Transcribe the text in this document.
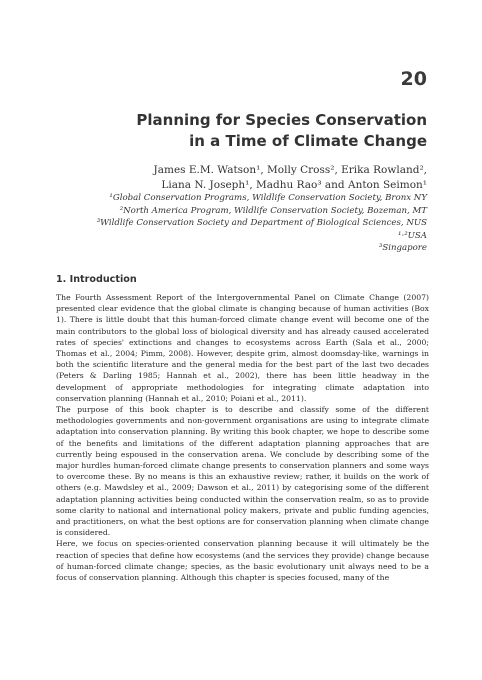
20
Planning for Species Conservation
in a Time of Climate Change
James E.M. Watson¹, Molly Cross², Erika Rowland²,
Liana N. Joseph¹, Madhu Rao³ and Anton Seimon¹
¹Global Conservation Programs, Wildlife Conservation Society, Bronx NY
²North America Program, Wildlife Conservation Society, Bozeman, MT
³Wildlife Conservation Society and Department of Biological Sciences, NUS
¹·²USA
³Singapore
1. Introduction
The Fourth Assessment Report of the Intergovernmental Panel on Climate Change (2007) presented clear evidence that the global climate is changing because of human activities (Box 1). There is little doubt that this human-forced climate change event will become one of the main contributors to the global loss of biological diversity and has already caused accelerated rates of species' extinctions and changes to ecosystems across Earth (Sala et al., 2000; Thomas et al., 2004; Pimm, 2008). However, despite grim, almost doomsday-like, warnings in both the scientific literature and the general media for the best part of the last two decades (Peters & Darling 1985; Hannah et al., 2002), there has been little headway in the development of appropriate methodologies for integrating climate adaptation into conservation planning (Hannah et al., 2010; Poiani et al., 2011).
The purpose of this book chapter is to describe and classify some of the different methodologies governments and non-government organisations are using to integrate climate adaptation into conservation planning. By writing this book chapter, we hope to describe some of the benefits and limitations of the different adaptation planning approaches that are currently being espoused in the conservation arena. We conclude by describing some of the major hurdles human-forced climate change presents to conservation planners and some ways to overcome these. By no means is this an exhaustive review; rather, it builds on the work of others (e.g. Mawdsley et al., 2009; Dawson et al., 2011) by categorising some of the different adaptation planning activities being conducted within the conservation realm, so as to provide some clarity to national and international policy makers, private and public funding agencies, and practitioners, on what the best options are for conservation planning when climate change is considered.
Here, we focus on species-oriented conservation planning because it will ultimately be the reaction of species that define how ecosystems (and the services they provide) change because of human-forced climate change; species, as the basic evolutionary unit always need to be a focus of conservation planning. Although this chapter is species focused, many of the
